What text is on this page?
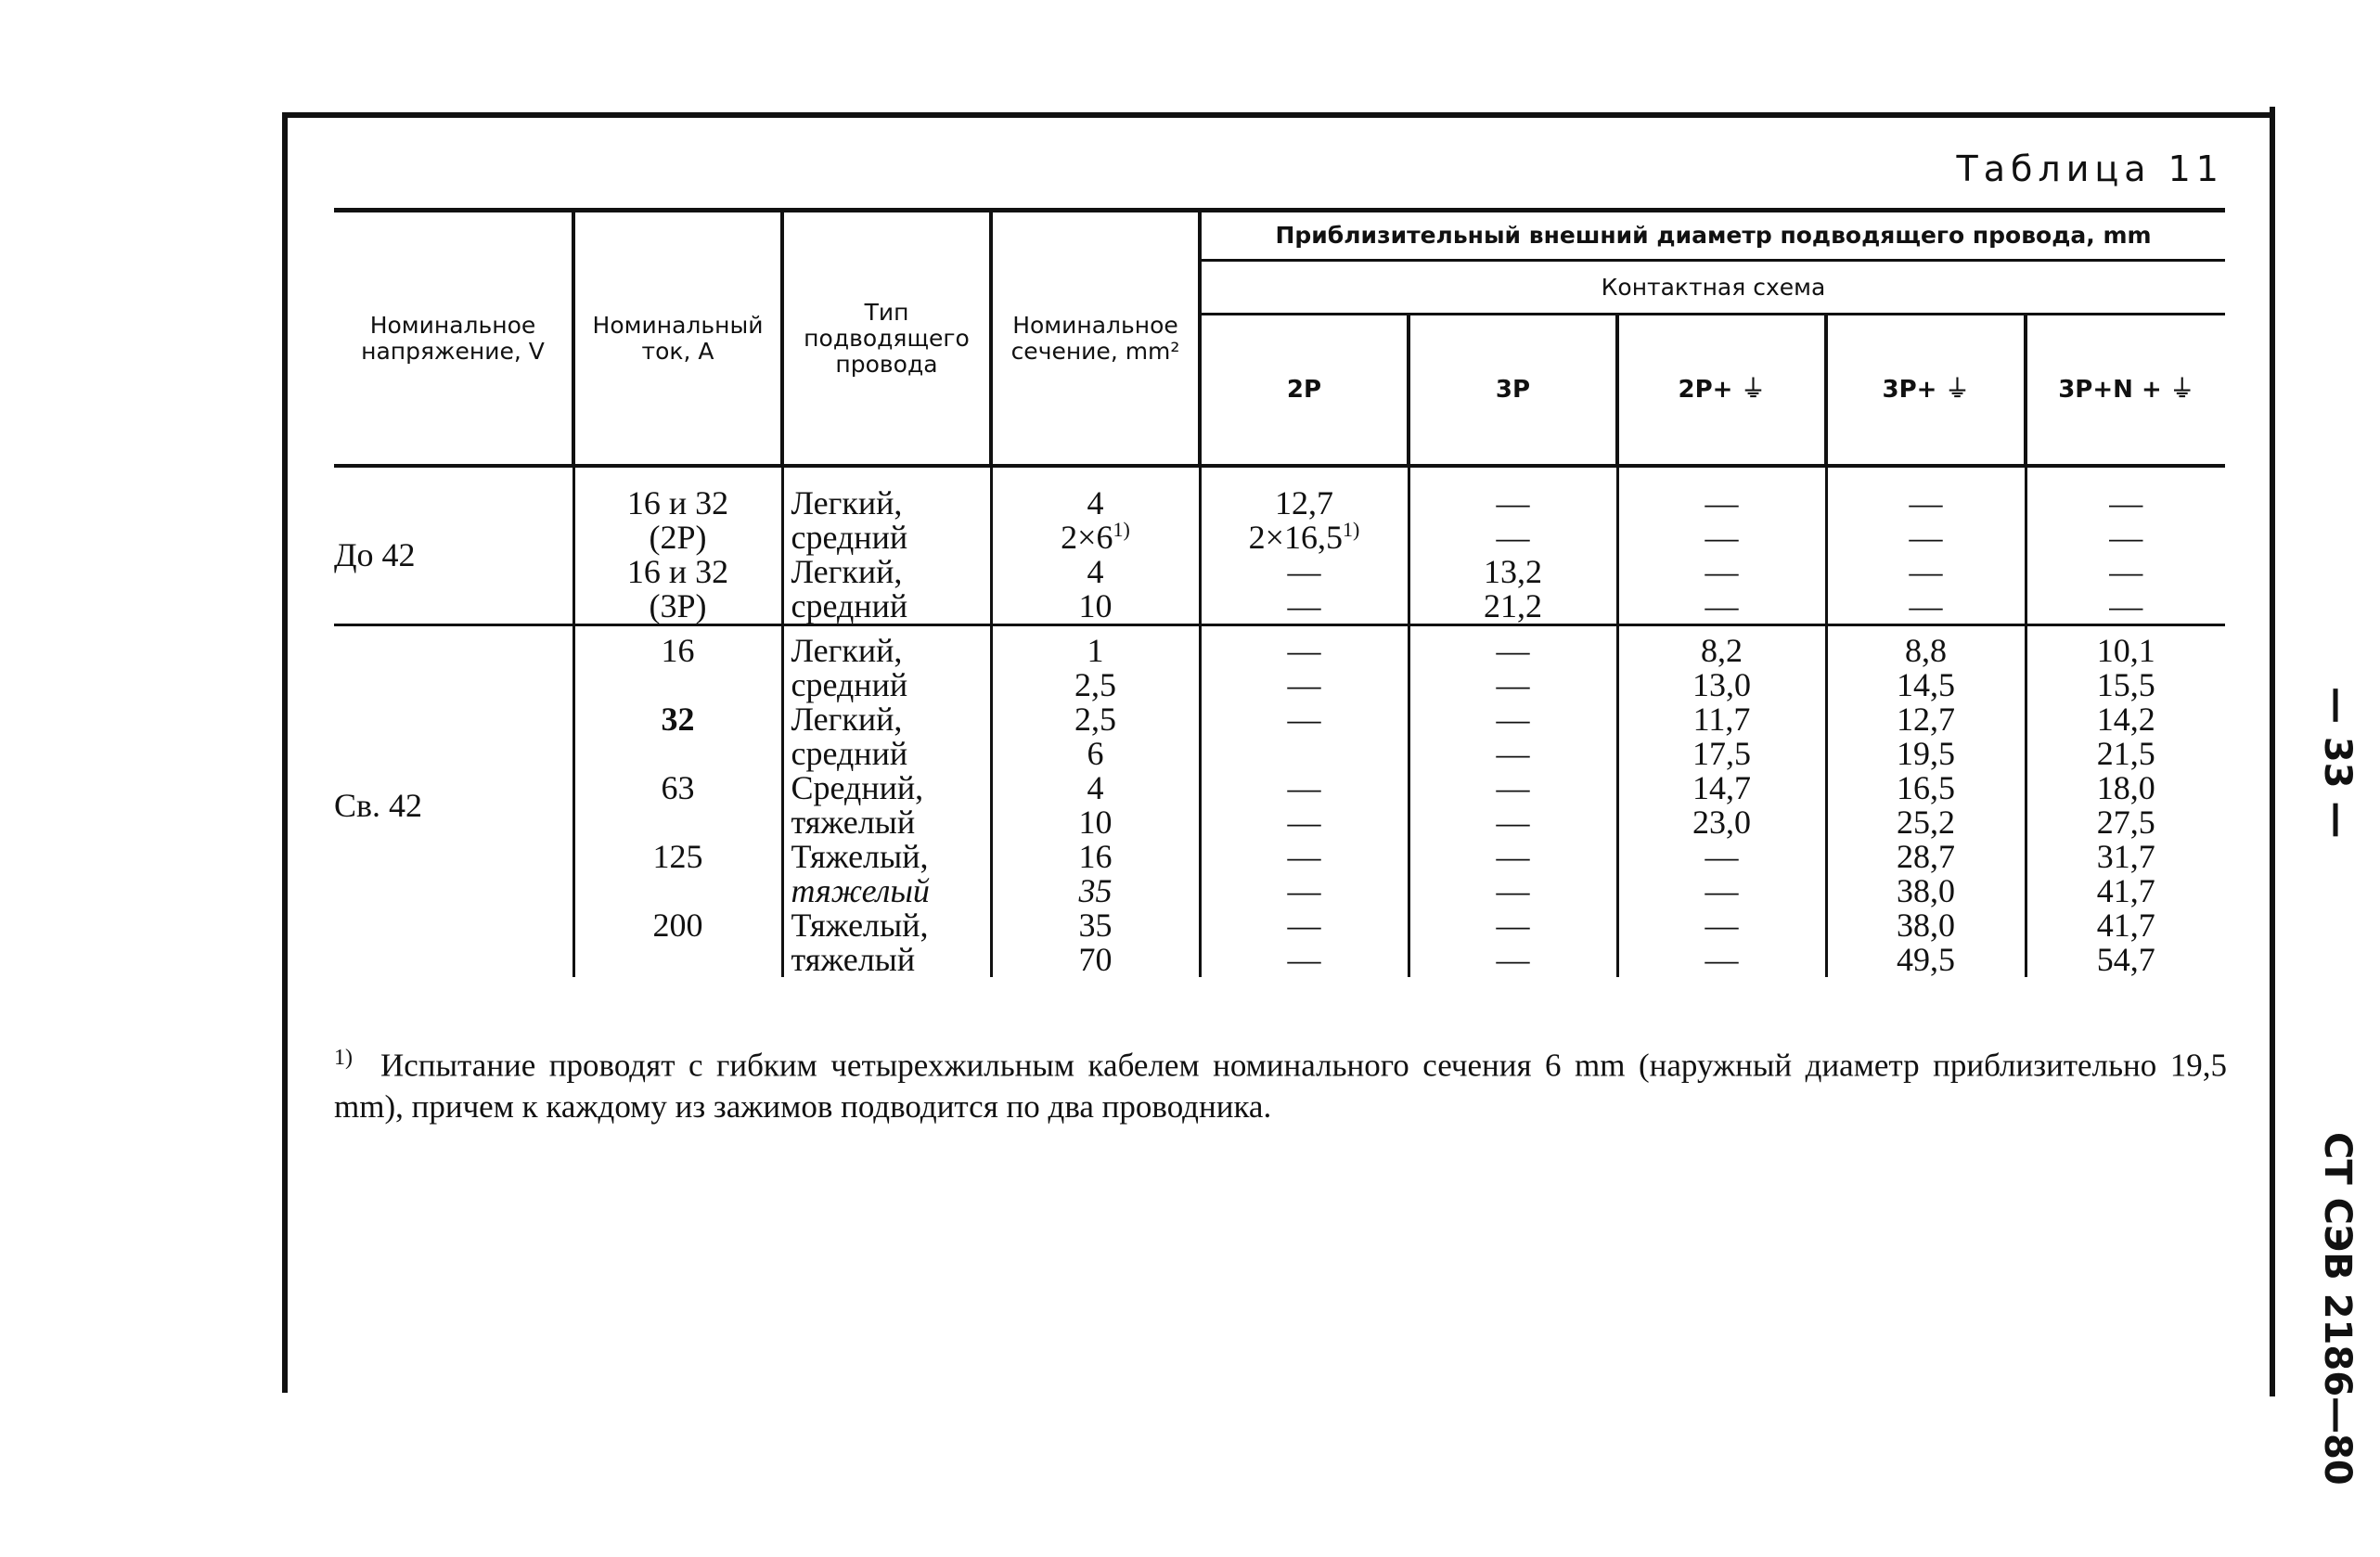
Таблица 11
Номинальное напряжение, V	Номинальный ток, А	Тип подводящего провода	Номинальное сечение, mm²	Приблизительный внешний диаметр подводящего провода, mm				
				Контактная схема				
				2P	3P	2P+ ⏚	3P+ ⏚	3P+N + ⏚
До 42	16 и 32	Легкий,	4	12,7	—	—	—	—
	(2P)	средний	$2\times 6^{1)}$	$2\times 16,5^{1)}$	—	—	—	—
	16 и 32	Легкий,	4	—	13,2	—	—	—
	(3P)	средний	10	—	21,2	—	—	—
Св. 42	16	Легкий,	1	—	—	8,2	8,8	10,1
		средний	2,5	—	—	13,0	14,5	15,5
	32	Легкий,	2,5	—	—	11,7	12,7	14,2
		средний	6		—	17,5	19,5	21,5
	63	Средний,	4	—	—	14,7	16,5	18,0
		тяжелый	10	—	—	23,0	25,2	27,5
	125	Тяжелый,	16	—	—	—	28,7	31,7
		тяжелый	35	—	—	—	38,0	41,7
	200	Тяжелый,	35	—	—	—	38,0	41,7
		тяжелый	70	—	—	—	49,5	54,7
$^{1)}$ Испытание проводят с гибким четырехжильным кабелем номинального сечения 6 mm (наружный диаметр приблизительно 19,5 mm), причем к каждому из зажимов подводится по два проводника.
— 33 —
СТ СЭВ 2186—80
